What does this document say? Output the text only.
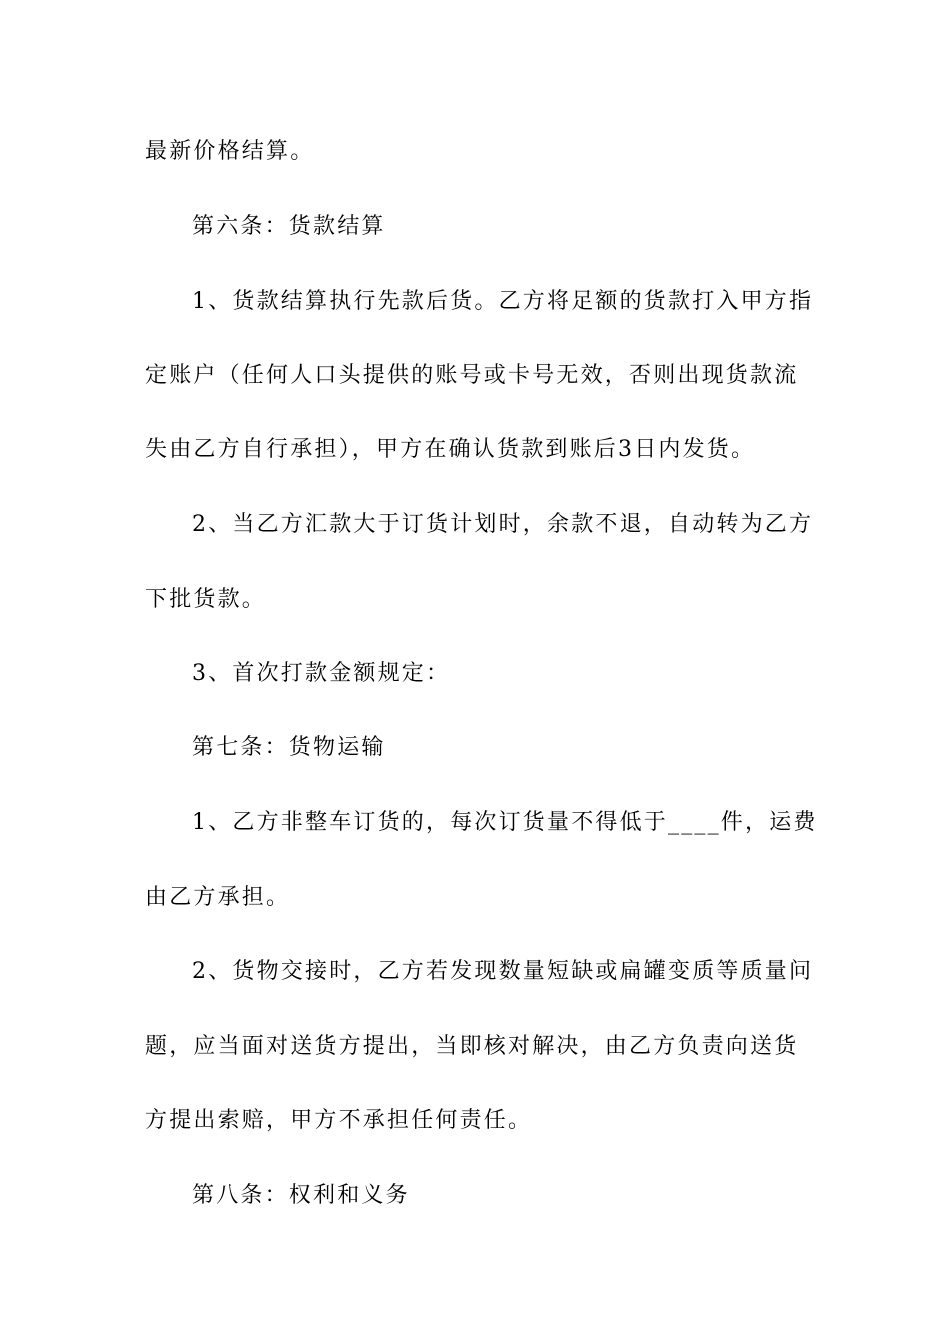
最新价格结算。
第六条：货款结算
1、货款结算执行先款后货。乙方将足额的货款打入甲方指
定账户（任何人口头提供的账号或卡号无效，否则出现货款流
失由乙方自行承担），甲方在确认货款到账后3日内发货。
2、当乙方汇款大于订货计划时，余款不退，自动转为乙方
下批货款。
3、首次打款金额规定：
第七条：货物运输
1、乙方非整车订货的，每次订货量不得低于____件，运费
由乙方承担。
2、货物交接时，乙方若发现数量短缺或扁罐变质等质量问
题，应当面对送货方提出，当即核对解决，由乙方负责向送货
方提出索赔，甲方不承担任何责任。
第八条：权利和义务
